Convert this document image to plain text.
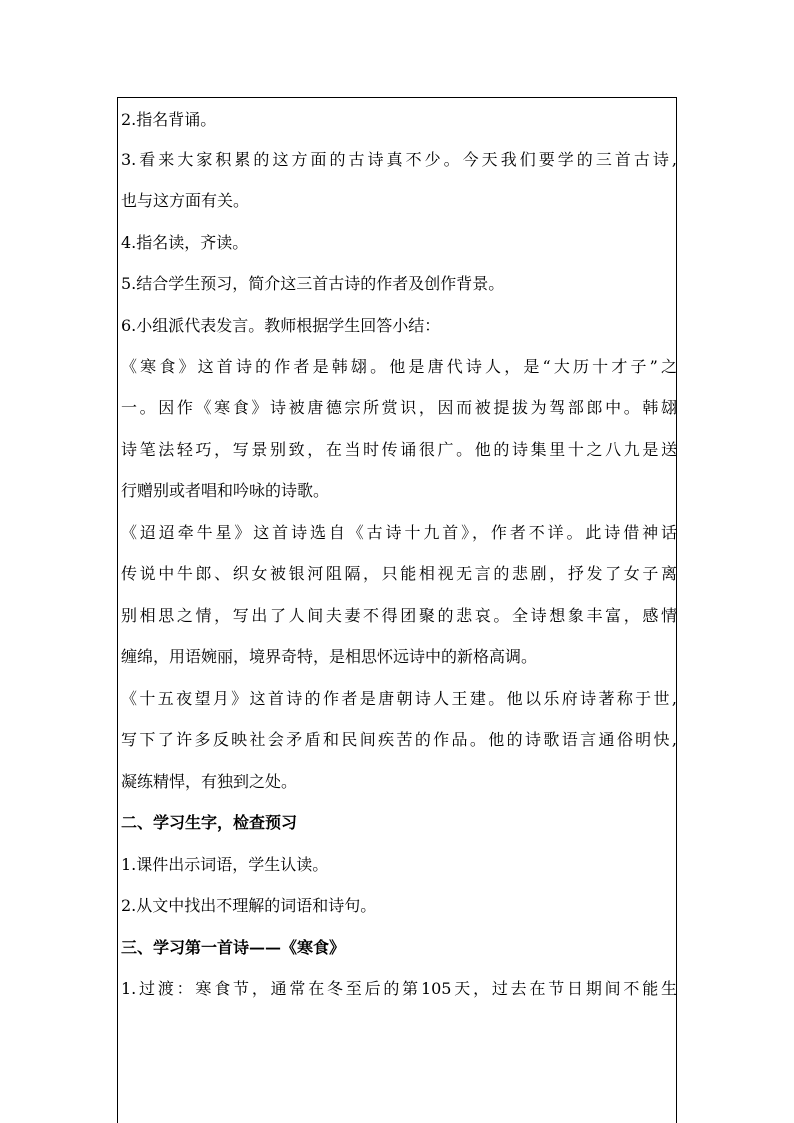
2.指名背诵。
3.看来大家积累的这方面的古诗真不少。今天我们要学的三首古诗,
也与这方面有关。
4.指名读，齐读。
5.结合学生预习，简介这三首古诗的作者及创作背景。
6.小组派代表发言。教师根据学生回答小结：
《寒食》这首诗的作者是韩翃。他是唐代诗人，是“大历十才子”之
一。因作《寒食》诗被唐德宗所赏识，因而被提拔为驾部郎中。韩翃
诗笔法轻巧，写景别致，在当时传诵很广。他的诗集里十之八九是送
行赠别或者唱和吟咏的诗歌。
《迢迢牵牛星》这首诗选自《古诗十九首》，作者不详。此诗借神话
传说中牛郎、织女被银河阻隔，只能相视无言的悲剧，抒发了女子离
别相思之情，写出了人间夫妻不得团聚的悲哀。全诗想象丰富，感情
缠绵，用语婉丽，境界奇特，是相思怀远诗中的新格高调。
《十五夜望月》这首诗的作者是唐朝诗人王建。他以乐府诗著称于世,
写下了许多反映社会矛盾和民间疾苦的作品。他的诗歌语言通俗明快,
凝练精悍，有独到之处。
二、学习生字，检查预习
1.课件出示词语，学生认读。
2.从文中找出不理解的词语和诗句。
三、学习第一首诗——《寒食》
1.过渡：寒食节，通常在冬至后的第105天，过去在节日期间不能生
